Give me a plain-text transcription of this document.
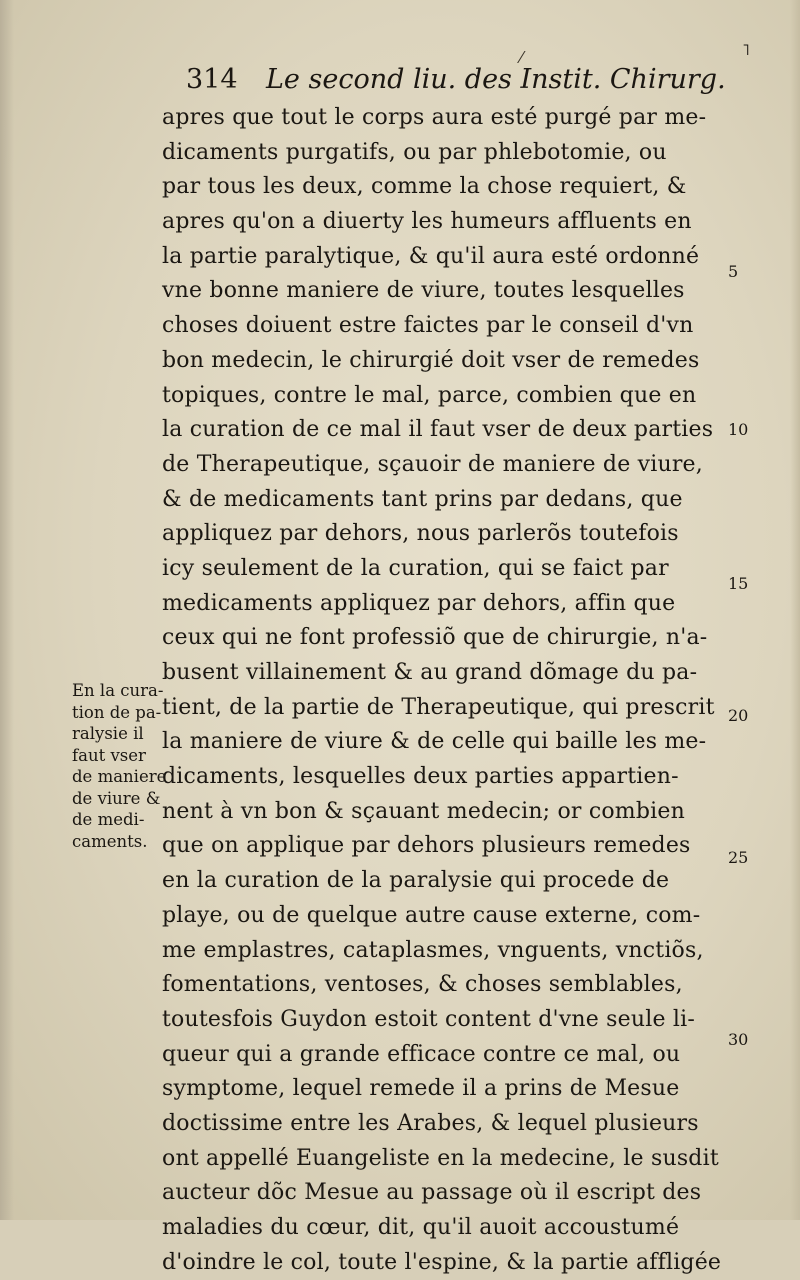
˥
⁄
314 Le second liu. des Instit. Chirurg.
apres que tout le corps aura esté purgé par me-
dicaments purgatifs, ou par phlebotomie, ou
par tous les deux, comme la chose requiert, &
apres qu'on a diuerty les humeurs affluents en
la partie paralytique, & qu'il aura esté ordonné
vne bonne maniere de viure, toutes lesquelles
choses doiuent estre faictes par le conseil d'vn
bon medecin, le chirurgié doit vser de remedes
topiques, contre le mal, parce, combien que en
la curation de ce mal il faut vser de deux parties
de Therapeutique, sçauoir de maniere de viure,
& de medicaments tant prins par dedans, que
appliquez par dehors, nous parlerõs toutefois
icy seulement de la curation, qui se faict par
medicaments appliquez par dehors, affin que
ceux qui ne font professiõ que de chirurgie, n'a-
busent villainement & au grand dõmage du pa-
tient, de la partie de Therapeutique, qui prescrit
la maniere de viure & de celle qui baille les me-
dicaments, lesquelles deux parties appartien-
nent à vn bon & sçauant medecin; or combien
que on applique par dehors plusieurs remedes
en la curation de la paralysie qui procede de
playe, ou de quelque autre cause externe, com-
me emplastres, cataplasmes, vnguents, vnctiõs,
fomentations, ventoses, & choses semblables,
toutesfois Guydon estoit content d'vne seule li-
queur qui a grande efficace contre ce mal, ou
symptome, lequel remede il a prins de Mesue
doctissime entre les Arabes, & lequel plusieurs
ont appellé Euangeliste en la medecine, le susdit
aucteur dõc Mesue au passage où il escript des
maladies du cœur, dit, qu'il auoit accoustumé
d'oindre le col, toute l'espine, & la partie affligée
En la cura-
tion de pa-
ralysie il
faut vser
de maniere
de viure &
de medi-
caments.
5
10
15
20
25
30
